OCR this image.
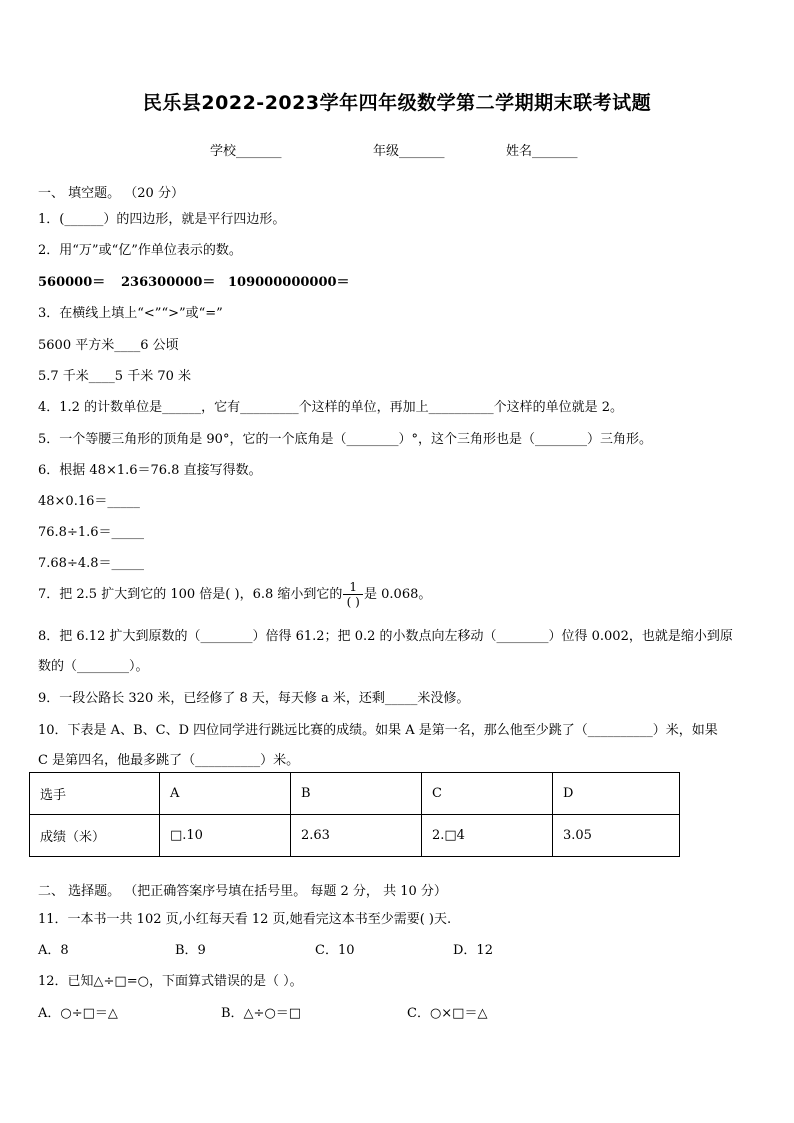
民乐县2022-2023学年四年级数学第二学期期末联考试题
学校_______	年级_______	姓名_______
一、 填空题。 （20 分）
1．(______）的四边形，就是平行四边形。
2．用“万”或“亿”作单位表示的数。
560000＝ 236300000＝ 109000000000＝
3．在横线上填上“<”“>”或“=”
5600 平方米____6 公顷
5.7 千米____5 千米 70 米
4．1.2 的计数单位是______，它有_________个这样的单位，再加上__________个这样的单位就是 2。
5．一个等腰三角形的顶角是 90°，它的一个底角是（________）°，这个三角形也是（________）三角形。
6．根据 48×1.6＝76.8 直接写得数。
48×0.16＝_____
76.8÷1.6＝_____
7.68÷4.8＝_____
7．把 2.5 扩大到它的 100 倍是( )，6.8 缩小到它的 $\frac{1}{( )}$ 是 0.068。
8．把 6.12 扩大到原数的（________）倍得 61.2；把 0.2 的小数点向左移动（________）位得 0.002，也就是缩小到原
数的（________）。
9．一段公路长 320 米，已经修了 8 天，每天修 a 米，还剩_____米没修。
10．下表是 A、B、C、D 四位同学进行跳远比赛的成绩。如果 A 是第一名，那么他至少跳了（__________）米，如果
C 是第四名，他最多跳了（__________）米。
选手	A	B	C	D
成绩（米）	□.10	2.63	2.□4	3.05
二、 选择题。 （把正确答案序号填在括号里。 每题 2 分， 共 10 分）
11．一本书一共 102 页,小红每天看 12 页,她看完这本书至少需要( )天.
A．8	B．9	C．10	D．12
12．已知△÷□=○，下面算式错误的是（ ）。
A．○÷□＝△	B．△÷○＝□	C．○×□＝△
